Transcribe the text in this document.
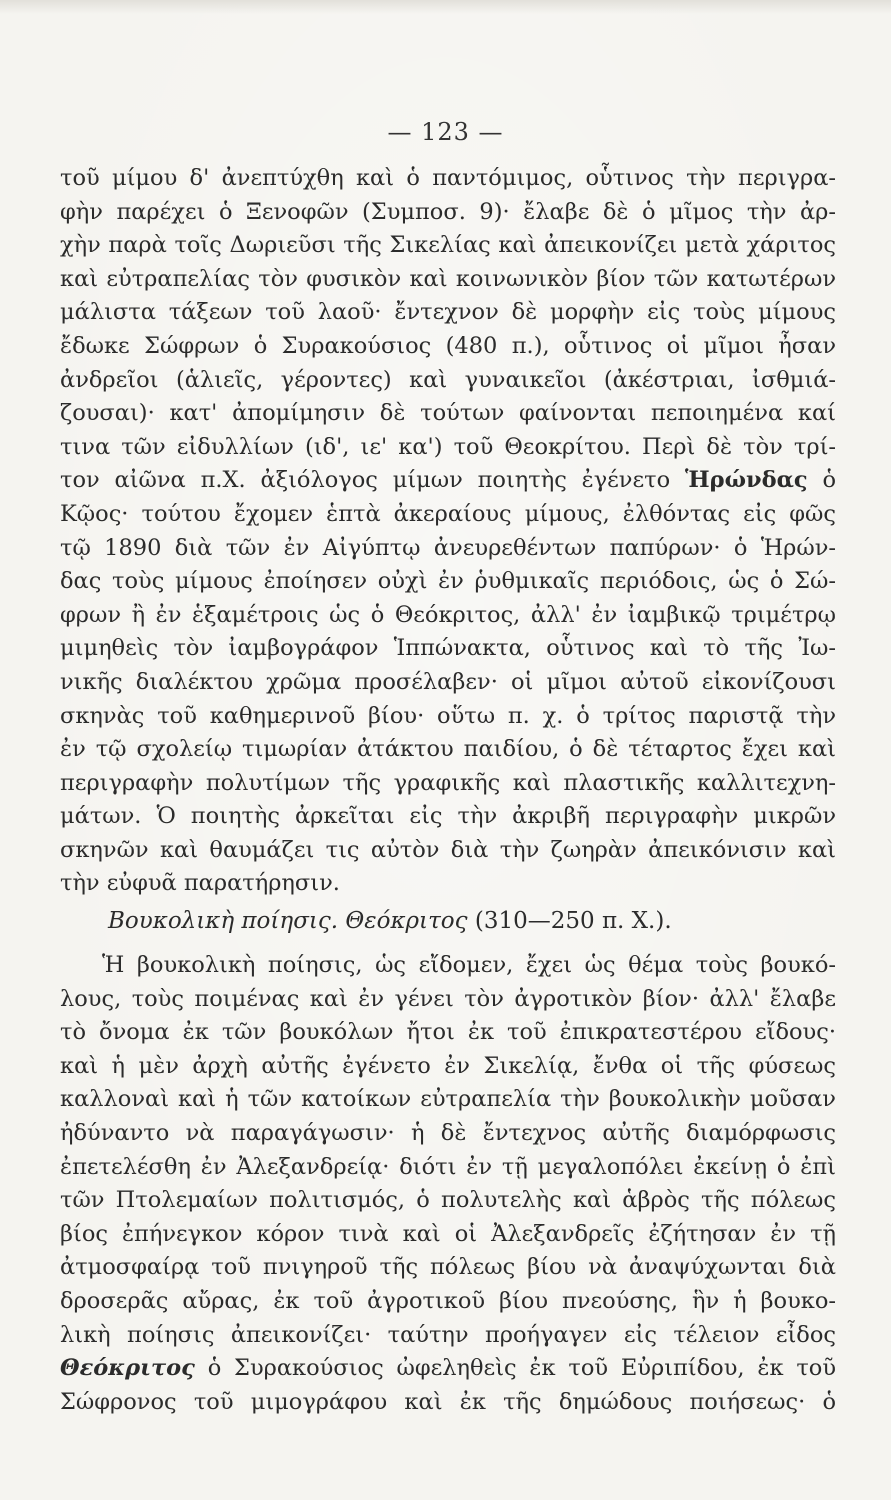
— 123 —

τοῦ μίμου δ' ἀνεπτύχθη καὶ ὁ παντόμιμος, οὗτινος τὴν περιγρα-

φὴν παρέχει ὁ Ξενοφῶν (Συμποσ. 9)· ἔλαβε δὲ ὁ μῖμος τὴν ἀρ-

χὴν παρὰ τοῖς Δωριεῦσι τῆς Σικελίας καὶ ἀπεικονίζει μετὰ χάριτος

καὶ εὐτραπελίας τὸν φυσικὸν καὶ κοινωνικὸν βίον τῶν κατωτέρων

μάλιστα τάξεων τοῦ λαοῦ· ἔντεχνον δὲ μορφὴν εἰς τοὺς μίμους

ἔδωκε Σώφρων ὁ Συρακούσιος (480 π.), οὗτινος οἱ μῖμοι ἦσαν

ἀνδρεῖοι (ἁλιεῖς, γέροντες) καὶ γυναικεῖοι (ἀκέστριαι, ἰσθμιά-

ζουσαι)· κατ' ἀπομίμησιν δὲ τούτων φαίνονται πεποιημένα καί

τινα τῶν εἰδυλλίων (ιδ', ιε' κα') τοῦ Θεοκρίτου. Περὶ δὲ τὸν τρί-

τον αἰῶνα π.Χ. ἀξιόλογος μίμων ποιητὴς ἐγένετο Ἡρώνδας ὁ

Κῷος· τούτου ἔχομεν ἑπτὰ ἀκεραίους μίμους, ἐλθόντας εἰς φῶς

τῷ 1890 διὰ τῶν ἐν Αἰγύπτῳ ἀνευρεθέντων παπύρων· ὁ Ἡρών-

δας τοὺς μίμους ἐποίησεν οὐχὶ ἐν ῥυθμικαῖς περιόδοις, ὡς ὁ Σώ-

φρων ἢ ἐν ἑξαμέτροις ὡς ὁ Θεόκριτος, ἀλλ' ἐν ἰαμβικῷ τριμέτρῳ

μιμηθεὶς τὸν ἰαμβογράφον Ἱππώνακτα, οὗτινος καὶ τὸ τῆς Ἰω-

νικῆς διαλέκτου χρῶμα προσέλαβεν· οἱ μῖμοι αὐτοῦ εἰκονίζουσι

σκηνὰς τοῦ καθημερινοῦ βίου· οὕτω π. χ. ὁ τρίτος παριστᾷ τὴν

ἐν τῷ σχολείῳ τιμωρίαν ἀτάκτου παιδίου, ὁ δὲ τέταρτος ἔχει καὶ

περιγραφὴν πολυτίμων τῆς γραφικῆς καὶ πλαστικῆς καλλιτεχνη-

μάτων. Ὁ ποιητὴς ἀρκεῖται εἰς τὴν ἀκριβῆ περιγραφὴν μικρῶν

σκηνῶν καὶ θαυμάζει τις αὐτὸν διὰ τὴν ζωηρὰν ἀπεικόνισιν καὶ

τὴν εὐφυᾶ παρατήρησιν.

Βουκολικὴ ποίησις. Θεόκριτος (310—250 π. Χ.).

Ἡ βουκολικὴ ποίησις, ὡς εἴδομεν, ἔχει ὡς θέμα τοὺς βουκό-

λους, τοὺς ποιμένας καὶ ἐν γένει τὸν ἀγροτικὸν βίον· ἀλλ' ἔλαβε

τὸ ὄνομα ἐκ τῶν βουκόλων ἤτοι ἐκ τοῦ ἐπικρατεστέρου εἴδους·

καὶ ἡ μὲν ἀρχὴ αὐτῆς ἐγένετο ἐν Σικελίᾳ, ἔνθα οἱ τῆς φύσεως

καλλοναὶ καὶ ἡ τῶν κατοίκων εὐτραπελία τὴν βουκολικὴν μοῦσαν

ἠδύναντο νὰ παραγάγωσιν· ἡ δὲ ἔντεχνος αὐτῆς διαμόρφωσις

ἐπετελέσθη ἐν Ἀλεξανδρείᾳ· διότι ἐν τῇ μεγαλοπόλει ἐκείνῃ ὁ ἐπὶ

τῶν Πτολεμαίων πολιτισμός, ὁ πολυτελὴς καὶ ἁβρὸς τῆς πόλεως

βίος ἐπήνεγκον κόρον τινὰ καὶ οἱ Ἀλεξανδρεῖς ἐζήτησαν ἐν τῇ

ἀτμοσφαίρᾳ τοῦ πνιγηροῦ τῆς πόλεως βίου νὰ ἀναψύχωνται διὰ

δροσερᾶς αὔρας, ἐκ τοῦ ἀγροτικοῦ βίου πνεούσης, ἣν ἡ βουκο-

λικὴ ποίησις ἀπεικονίζει· ταύτην προήγαγεν εἰς τέλειον εἶδος

Θεόκριτος ὁ Συρακούσιος ὠφεληθεὶς ἐκ τοῦ Εὐριπίδου, ἐκ τοῦ

Σώφρονος τοῦ μιμογράφου καὶ ἐκ τῆς δημώδους ποιήσεως· ὁ
